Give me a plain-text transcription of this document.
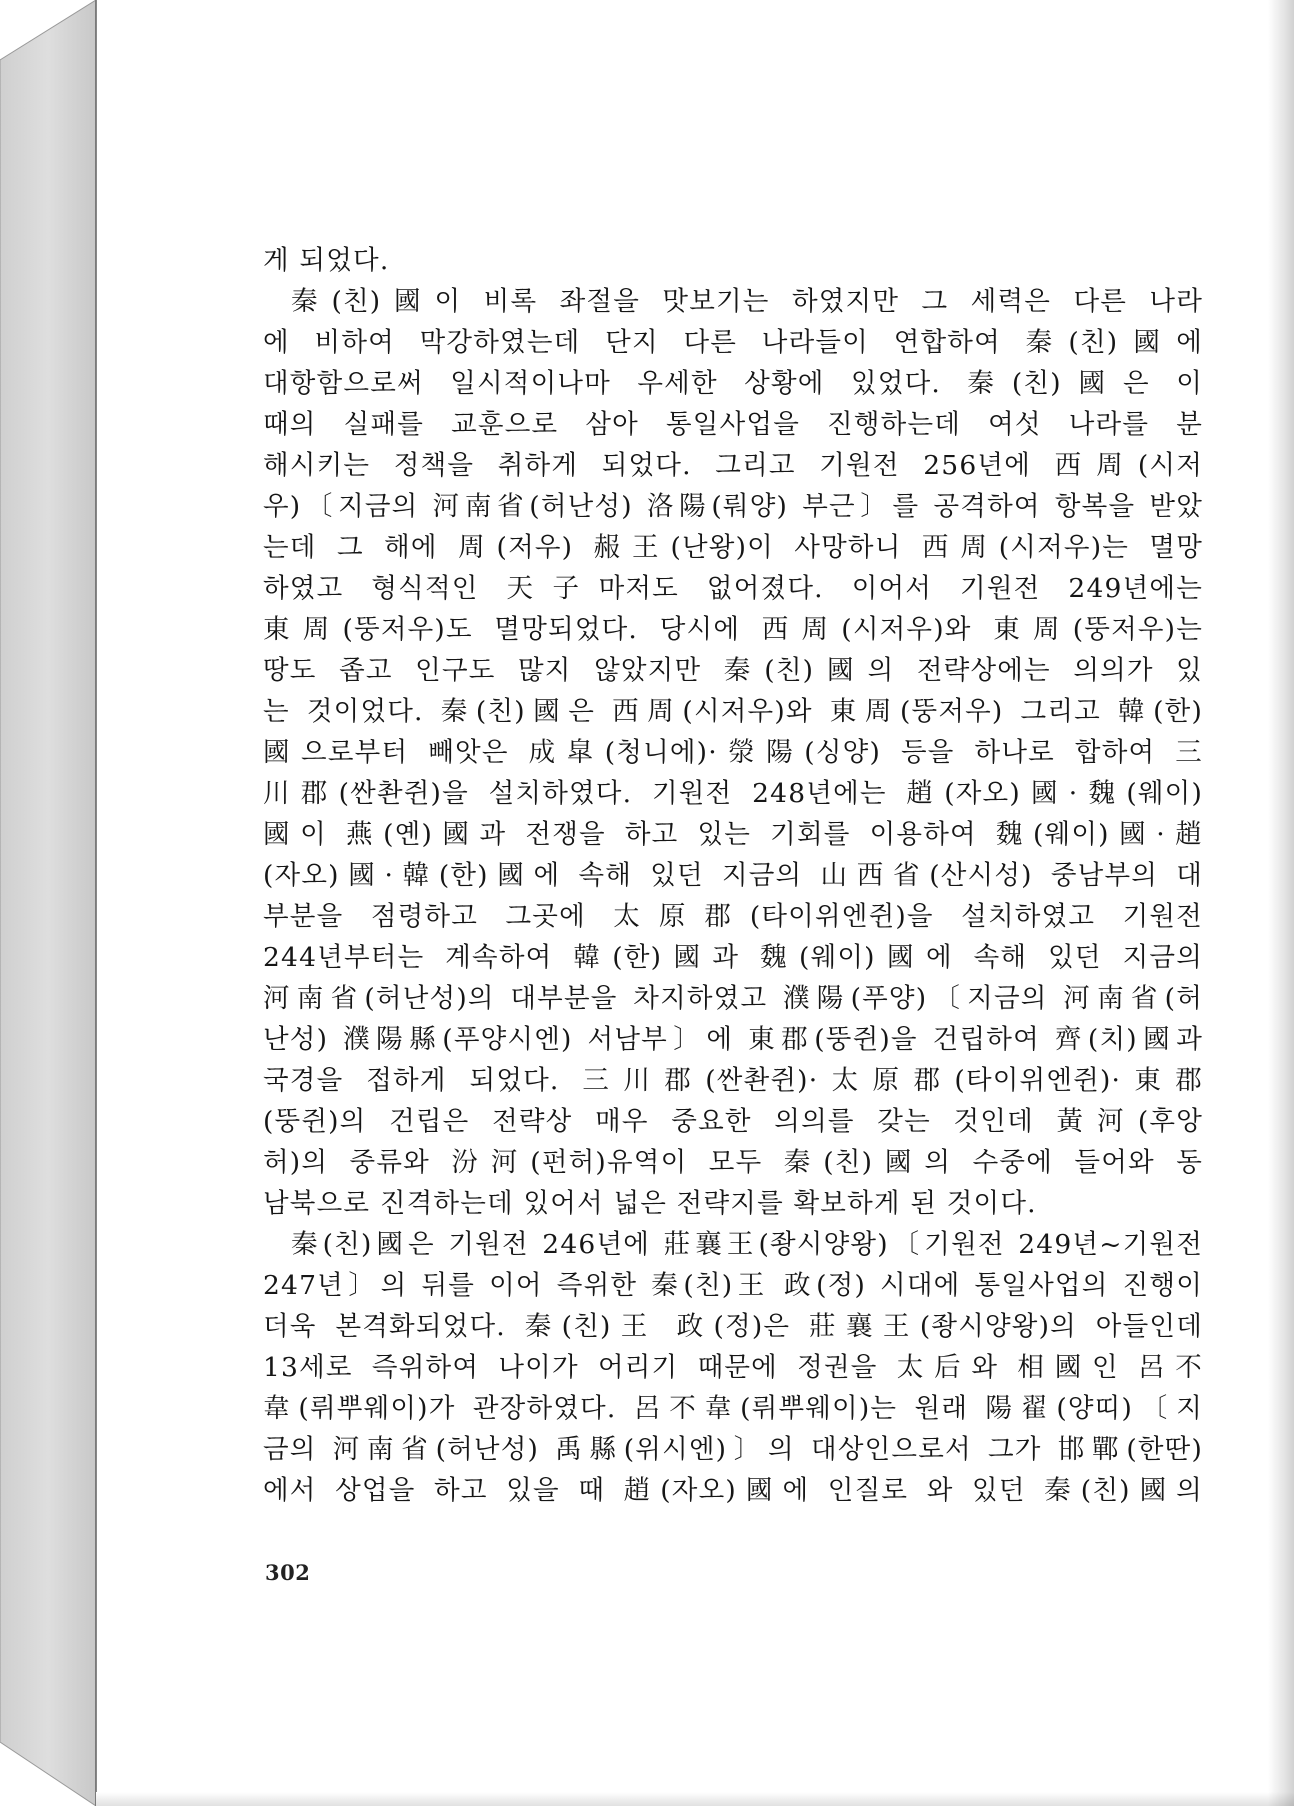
게 되었다.
秦(친)國이 비록 좌절을 맛보기는 하였지만 그 세력은 다른 나라
에 비하여 막강하였는데 단지 다른 나라들이 연합하여 秦(친)國에
대항함으로써 일시적이나마 우세한 상황에 있었다. 秦(친)國은 이
때의 실패를 교훈으로 삼아 통일사업을 진행하는데 여섯 나라를 분
해시키는 정책을 취하게 되었다. 그리고 기원전 256년에 西周(시저
우)〔지금의 河南省(허난성) 洛陽(뤄양) 부근〕를 공격하여 항복을 받았
는데 그 해에 周(저우) 赧王(난왕)이 사망하니 西周(시저우)는 멸망
하였고 형식적인 天子마저도 없어졌다. 이어서 기원전 249년에는
東周(뚱저우)도 멸망되었다. 당시에 西周(시저우)와 東周(뚱저우)는
땅도 좁고 인구도 많지 않았지만 秦(친)國의 전략상에는 의의가 있
는 것이었다. 秦(친)國은 西周(시저우)와 東周(뚱저우) 그리고 韓(한)
國으로부터 빼앗은 成皐(청니에)·滎陽(싱양) 등을 하나로 합하여 三
川郡(싼촨쥔)을 설치하였다. 기원전 248년에는 趙(자오)國·魏(웨이)
國이 燕(옌)國과 전쟁을 하고 있는 기회를 이용하여 魏(웨이)國·趙
(자오)國·韓(한)國에 속해 있던 지금의 山西省(산시성) 중남부의 대
부분을 점령하고 그곳에 太原郡(타이위엔쥔)을 설치하였고 기원전
244년부터는 계속하여 韓(한)國과 魏(웨이)國에 속해 있던 지금의
河南省(허난성)의 대부분을 차지하였고 濮陽(푸양)〔지금의 河南省(허
난성) 濮陽縣(푸양시엔) 서남부〕에 東郡(뚱쥔)을 건립하여 齊(치)國과
국경을 접하게 되었다. 三川郡(싼촨쥔)·太原郡(타이위엔쥔)·東郡
(뚱쥔)의 건립은 전략상 매우 중요한 의의를 갖는 것인데 黃河(후앙
허)의 중류와 汾河(펀허)유역이 모두 秦(친)國의 수중에 들어와 동
남북으로 진격하는데 있어서 넓은 전략지를 확보하게 된 것이다.
秦(친)國은 기원전 246년에 莊襄王(좡시양왕)〔기원전 249년~기원전
247년〕의 뒤를 이어 즉위한 秦(친)王 政(정) 시대에 통일사업의 진행이
더욱 본격화되었다. 秦(친)王 政(정)은 莊襄王(좡시양왕)의 아들인데
13세로 즉위하여 나이가 어리기 때문에 정권을 太后와 相國인 呂不
韋(뤼뿌웨이)가 관장하였다. 呂不韋(뤼뿌웨이)는 원래 陽翟(양띠)〔지
금의 河南省(허난성) 禹縣(위시엔)〕의 대상인으로서 그가 邯鄲(한딴)
에서 상업을 하고 있을 때 趙(자오)國에 인질로 와 있던 秦(친)國의
302
